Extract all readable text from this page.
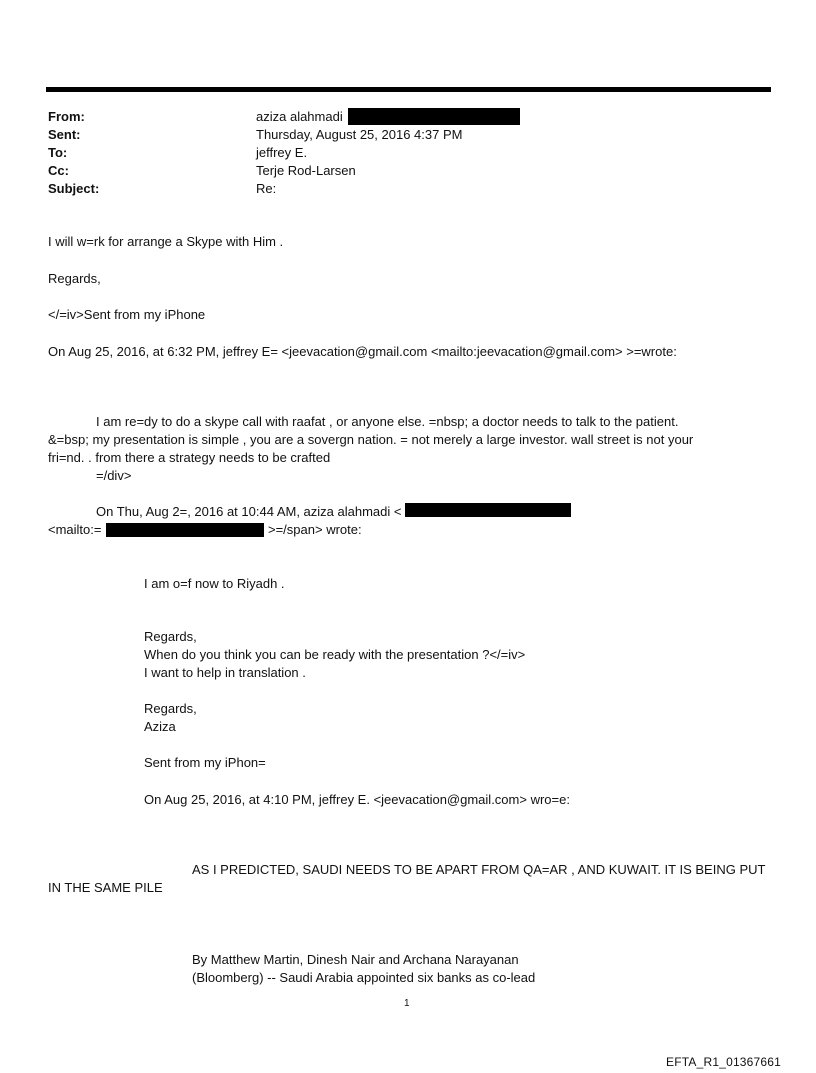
From:	aziza alahmadi
Sent:	Thursday, August 25, 2016 4:37 PM
To:	jeffrey E.
Cc:	Terje Rod-Larsen
Subject:	Re:
I will w=rk for arrange a Skype with Him .
Regards,
</=iv>Sent from my iPhone
On Aug 25, 2016, at 6:32 PM, jeffrey E= <jeevacation@gmail.com <mailto:jeevacation@gmail.com> >=wrote:
I am re=dy to do a skype call with raafat , or anyone else. =nbsp; a doctor needs to talk to the patient.
&=bsp; my presentation is simple , you are a sovergn nation. = not merely a large investor. wall street is not your
fri=nd. . from there a strategy needs to be crafted
=/div>
On Thu, Aug 2=, 2016 at 10:44 AM, aziza alahmadi <
<mailto:=	>=/span> wrote:
I am o=f now to Riyadh .
Regards,
When do you think you can be ready with the presentation ?</=iv>
I want to help in translation .
Regards,
Aziza
Sent from my iPhon=
On Aug 25, 2016, at 4:10 PM, jeffrey E. <jeevacation@gmail.com> wro=e:
AS I PREDICTED, SAUDI NEEDS TO BE APART FROM QA=AR , AND KUWAIT. IT IS BEING PUT
IN THE SAME PILE
By Matthew Martin, Dinesh Nair and Archana Narayanan
(Bloomberg) -- Saudi Arabia appointed six banks as co-lead
1
EFTA_R1_01367661
